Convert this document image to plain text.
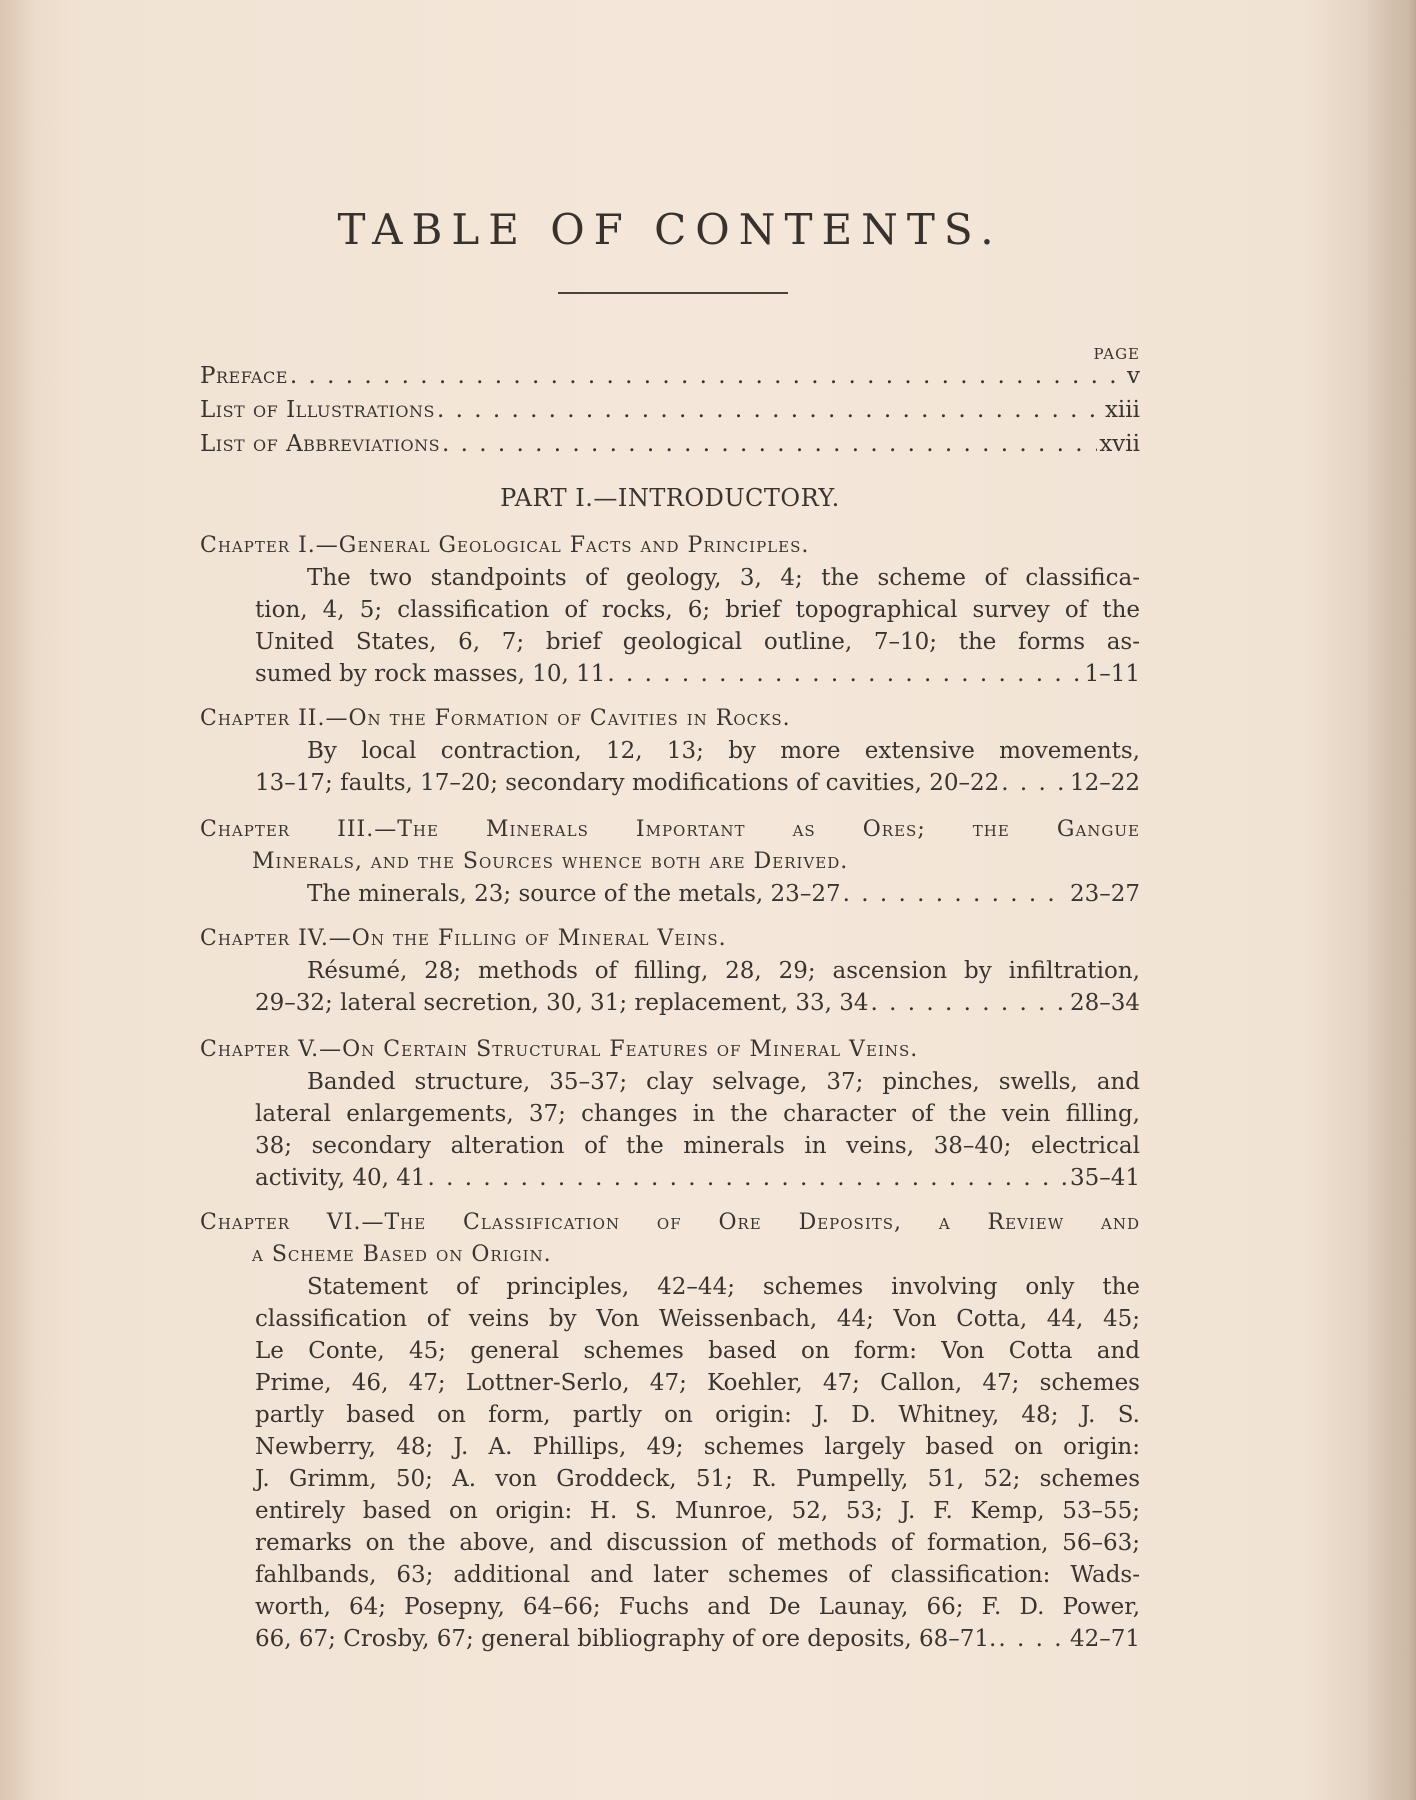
TABLE OF CONTENTS.
PAGE
Preface . . .	v
List of Illustrations . . .	xiii
List of Abbreviations . . .	xvii
PART I.—INTRODUCTORY.
Chapter I.—General Geological Facts and Principles.
The two standpoints of geology, 3, 4; the scheme of classifica-
tion, 4, 5; classification of rocks, 6; brief topographical survey of the
United States, 6, 7; brief geological outline, 7–10; the forms as-
sumed by rock masses, 10, 11 . . .	1–11
Chapter II.—On the Formation of Cavities in Rocks.
By local contraction, 12, 13; by more extensive movements,
13–17; faults, 17–20; secondary modifications of cavities, 20–22 . . .	12–22
Chapter III.—The Minerals Important as Ores; the Gangue
Minerals, and the Sources whence both are Derived.
The minerals, 23; source of the metals, 23–27 . . .	23–27
Chapter IV.—On the Filling of Mineral Veins.
Résumé, 28; methods of filling, 28, 29; ascension by infiltration,
29–32; lateral secretion, 30, 31; replacement, 33, 34 . . .	28–34
Chapter V.—On Certain Structural Features of Mineral Veins.
Banded structure, 35–37; clay selvage, 37; pinches, swells, and
lateral enlargements, 37; changes in the character of the vein filling,
38; secondary alteration of the minerals in veins, 38–40; electrical
activity, 40, 41 . . .	35–41
Chapter VI.—The Classification of Ore Deposits, a Review and
a Scheme Based on Origin.
Statement of principles, 42–44; schemes involving only the
classification of veins by Von Weissenbach, 44; Von Cotta, 44, 45;
Le Conte, 45; general schemes based on form: Von Cotta and
Prime, 46, 47; Lottner-Serlo, 47; Koehler, 47; Callon, 47; schemes
partly based on form, partly on origin: J. D. Whitney, 48; J. S.
Newberry, 48; J. A. Phillips, 49; schemes largely based on origin:
J. Grimm, 50; A. von Groddeck, 51; R. Pumpelly, 51, 52; schemes
entirely based on origin: H. S. Munroe, 52, 53; J. F. Kemp, 53–55;
remarks on the above, and discussion of methods of formation, 56–63;
fahlbands, 63; additional and later schemes of classification: Wads-
worth, 64; Posepny, 64–66; Fuchs and De Launay, 66; F. D. Power,
66, 67; Crosby, 67; general bibliography of ore deposits, 68–71. . . .	42–71
